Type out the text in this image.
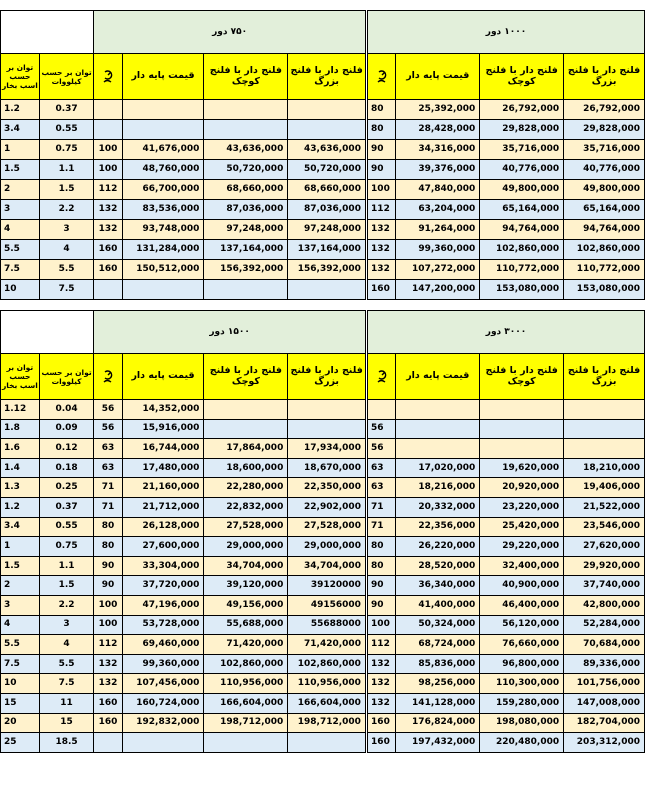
		۷۵۰ دور					۱۰۰۰ دور			
توان بر حسب اسب بخار	توان بر حسب کیلووات		قیمت پایه دار	فلنج دار با فلنج کوچک	فلنج دار با فلنج بزرگ			قیمت پایه دار	فلنج دار با فلنج کوچک	فلنج دار با فلنج بزرگ
1.2	0.37						80	25,392,000	26,792,000	26,792,000
3.4	0.55						80	28,428,000	29,828,000	29,828,000
1	0.75	100	41,676,000	43,636,000	43,636,000		90	34,316,000	35,716,000	35,716,000
1.5	1.1	100	48,760,000	50,720,000	50,720,000		90	39,376,000	40,776,000	40,776,000
2	1.5	112	66,700,000	68,660,000	68,660,000		100	47,840,000	49,800,000	49,800,000
3	2.2	132	83,536,000	87,036,000	87,036,000		112	63,204,000	65,164,000	65,164,000
4	3	132	93,748,000	97,248,000	97,248,000		132	91,264,000	94,764,000	94,764,000
5.5	4	160	131,284,000	137,164,000	137,164,000		132	99,360,000	102,860,000	102,860,000
7.5	5.5	160	150,512,000	156,392,000	156,392,000		132	107,272,000	110,772,000	110,772,000
10	7.5						160	147,200,000	153,080,000	153,080,000
		۱۵۰۰ دور					۳۰۰۰ دور			
توان بر حسب اسب بخار	توان بر حسب کیلووات		قیمت پایه دار	فلنج دار با فلنج کوچک	فلنج دار با فلنج بزرگ			قیمت پایه دار	فلنج دار با فلنج کوچک	فلنج دار با فلنج بزرگ
1.12	0.04	56	14,352,000							
1.8	0.09	56	15,916,000				56			
1.6	0.12	63	16,744,000	17,864,000	17,934,000		56			
1.4	0.18	63	17,480,000	18,600,000	18,670,000		63	17,020,000	19,620,000	18,210,000
1.3	0.25	71	21,160,000	22,280,000	22,350,000		63	18,216,000	20,920,000	19,406,000
1.2	0.37	71	21,712,000	22,832,000	22,902,000		71	20,332,000	23,220,000	21,522,000
3.4	0.55	80	26,128,000	27,528,000	27,528,000		71	22,356,000	25,420,000	23,546,000
1	0.75	80	27,600,000	29,000,000	29,000,000		80	26,220,000	29,220,000	27,620,000
1.5	1.1	90	33,304,000	34,704,000	34,704,000		80	28,520,000	32,400,000	29,920,000
2	1.5	90	37,720,000	39,120,000	39120000		90	36,340,000	40,900,000	37,740,000
3	2.2	100	47,196,000	49,156,000	49156000		90	41,400,000	46,400,000	42,800,000
4	3	100	53,728,000	55,688,000	55688000		100	50,324,000	56,120,000	52,284,000
5.5	4	112	69,460,000	71,420,000	71,420,000		112	68,724,000	76,660,000	70,684,000
7.5	5.5	132	99,360,000	102,860,000	102,860,000		132	85,836,000	96,800,000	89,336,000
10	7.5	132	107,456,000	110,956,000	110,956,000		132	98,256,000	110,300,000	101,756,000
15	11	160	160,724,000	166,604,000	166,604,000		132	141,128,000	159,280,000	147,008,000
20	15	160	192,832,000	198,712,000	198,712,000		160	176,824,000	198,080,000	182,704,000
25	18.5						160	197,432,000	220,480,000	203,312,000
